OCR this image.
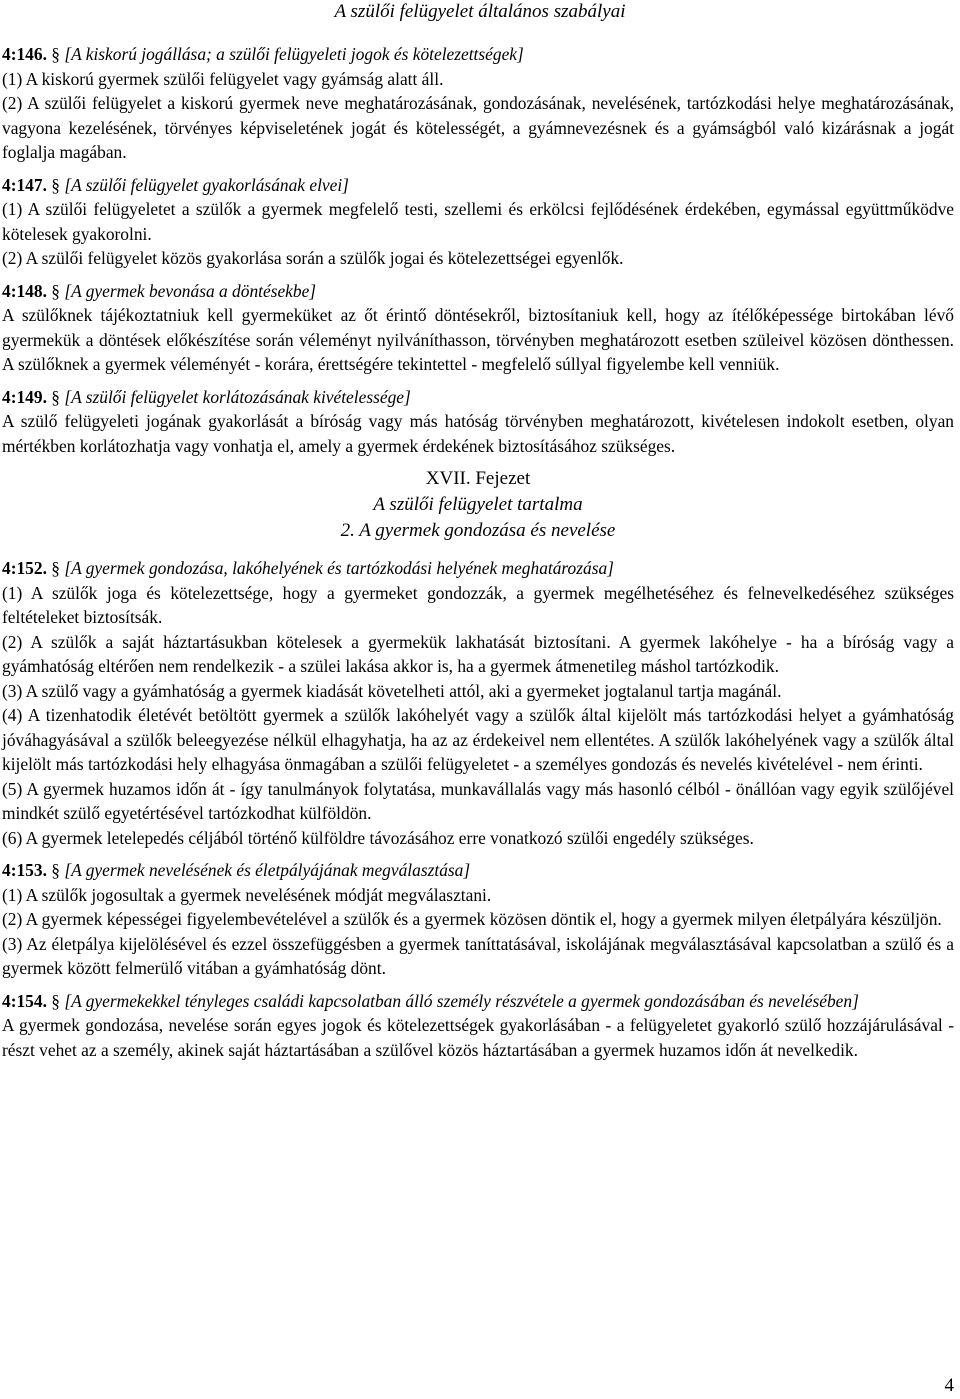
A szülői felügyelet általános szabályai

4:146. § [A kiskorú jogállása; a szülői felügyeleti jogok és kötelezettségek]

(1) A kiskorú gyermek szülői felügyelet vagy gyámság alatt áll.

(2) A szülői felügyelet a kiskorú gyermek neve meghatározásának, gondozásának, nevelésének, tartózkodási helye meghatározásának, vagyona kezelésének, törvényes képviseletének jogát és kötelességét, a gyámnevezésnek és a gyámságból való kizárásnak a jogát foglalja magában.

4:147. § [A szülői felügyelet gyakorlásának elvei]

(1) A szülői felügyeletet a szülők a gyermek megfelelő testi, szellemi és erkölcsi fejlődésének érdekében, egymással együttműködve kötelesek gyakorolni.

(2) A szülői felügyelet közös gyakorlása során a szülők jogai és kötelezettségei egyenlők.

4:148. § [A gyermek bevonása a döntésekbe]

A szülőknek tájékoztatniuk kell gyermeküket az őt érintő döntésekről, biztosítaniuk kell, hogy az ítélőképessége birtokában lévő gyermekük a döntések előkészítése során véleményt nyilváníthasson, törvényben meghatározott esetben szüleivel közösen dönthessen. A szülőknek a gyermek véleményét - korára, érettségére tekintettel - megfelelő súllyal figyelembe kell venniük.

4:149. § [A szülői felügyelet korlátozásának kivételessége]

A szülő felügyeleti jogának gyakorlását a bíróság vagy más hatóság törvényben meghatározott, kivételesen indokolt esetben, olyan mértékben korlátozhatja vagy vonhatja el, amely a gyermek érdekének biztosításához szükséges.

XVII. Fejezet
A szülői felügyelet tartalma
2. A gyermek gondozása és nevelése

4:152. § [A gyermek gondozása, lakóhelyének és tartózkodási helyének meghatározása]

(1) A szülők joga és kötelezettsége, hogy a gyermeket gondozzák, a gyermek megélhetéséhez és felnevelkedéséhez szükséges feltételeket biztosítsák.

(2) A szülők a saját háztartásukban kötelesek a gyermekük lakhatását biztosítani. A gyermek lakóhelye - ha a bíróság vagy a gyámhatóság eltérően nem rendelkezik - a szülei lakása akkor is, ha a gyermek átmenetileg máshol tartózkodik.

(3) A szülő vagy a gyámhatóság a gyermek kiadását követelheti attól, aki a gyermeket jogtalanul tartja magánál.

(4) A tizenhatodik életévét betöltött gyermek a szülők lakóhelyét vagy a szülők által kijelölt más tartózkodási helyet a gyámhatóság jóváhagyásával a szülők beleegyezése nélkül elhagyhatja, ha az az érdekeivel nem ellentétes. A szülők lakóhelyének vagy a szülők által kijelölt más tartózkodási hely elhagyása önmagában a szülői felügyeletet - a személyes gondozás és nevelés kivételével - nem érinti.

(5) A gyermek huzamos időn át - így tanulmányok folytatása, munkavállalás vagy más hasonló célból - önállóan vagy egyik szülőjével mindkét szülő egyetértésével tartózkodhat külföldön.

(6) A gyermek letelepedés céljából történő külföldre távozásához erre vonatkozó szülői engedély szükséges.

4:153. § [A gyermek nevelésének és életpályájának megválasztása]

(1) A szülők jogosultak a gyermek nevelésének módját megválasztani.

(2) A gyermek képességei figyelembevételével a szülők és a gyermek közösen döntik el, hogy a gyermek milyen életpályára készüljön.

(3) Az életpálya kijelölésével és ezzel összefüggésben a gyermek taníttatásával, iskolájának megválasztásával kapcsolatban a szülő és a gyermek között felmerülő vitában a gyámhatóság dönt.

4:154. § [A gyermekekkel tényleges családi kapcsolatban álló személy részvétele a gyermek gondozásában és nevelésében]

A gyermek gondozása, nevelése során egyes jogok és kötelezettségek gyakorlásában - a felügyeletet gyakorló szülő hozzájárulásával - részt vehet az a személy, akinek saját háztartásában a szülővel közös háztartásában a gyermek huzamos időn át nevelkedik.

4
